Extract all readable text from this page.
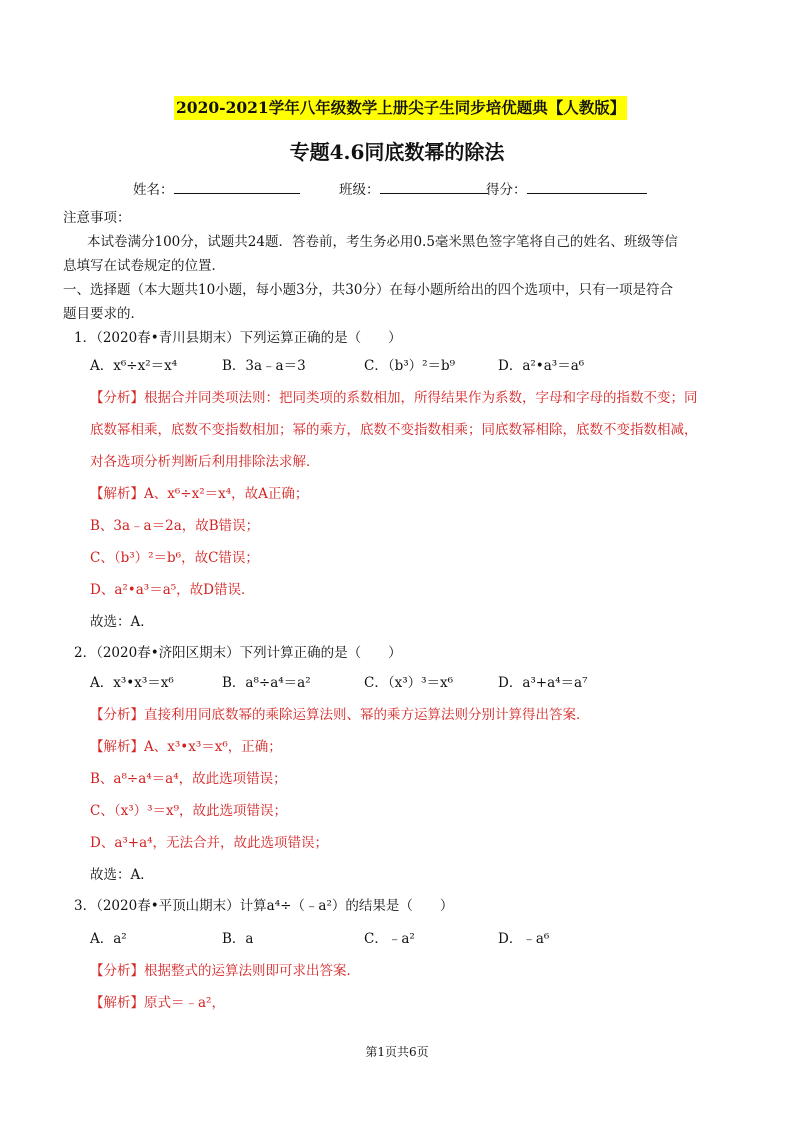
2020-2021学年八年级数学上册尖子生同步培优题典【人教版】
专题4.6同底数幂的除法
姓名：	班级：	得分：
注意事项：
本试卷满分100分，试题共24题．答卷前，考生务必用0.5毫米黑色签字笔将自己的姓名、班级等信
息填写在试卷规定的位置．
一、选择题（本大题共10小题，每小题3分，共30分）在每小题所给出的四个选项中，只有一项是符合
题目要求的．
1．（2020春•青川县期末）下列运算正确的是（　　）
A．x⁶÷x²＝x⁴	B．3a﹣a＝3	C．（b³）²＝b⁹	D．a²•a³＝a⁶
【分析】根据合并同类项法则：把同类项的系数相加，所得结果作为系数，字母和字母的指数不变；同
底数幂相乘，底数不变指数相加；幂的乘方，底数不变指数相乘；同底数幂相除，底数不变指数相减，
对各选项分析判断后利用排除法求解．
【解析】A、x⁶÷x²＝x⁴，故A正确；
B、3a﹣a＝2a，故B错误；
C、（b³）²＝b⁶，故C错误；
D、a²•a³＝a⁵，故D错误．
故选：A．
2．（2020春•济阳区期末）下列计算正确的是（　　）
A．x³•x³＝x⁶	B．a⁸÷a⁴＝a²	C．（x³）³＝x⁶	D．a³+a⁴＝a⁷
【分析】直接利用同底数幂的乘除运算法则、幂的乘方运算法则分别计算得出答案．
【解析】A、x³•x³＝x⁶，正确；
B、a⁸÷a⁴＝a⁴，故此选项错误；
C、（x³）³＝x⁹，故此选项错误；
D、a³+a⁴，无法合并，故此选项错误；
故选：A．
3．（2020春•平顶山期末）计算a⁴÷（﹣a²）的结果是（　　）
A．a²	B．a	C．﹣a²	D．﹣a⁶
【分析】根据整式的运算法则即可求出答案．
【解析】原式＝﹣a²，
第1页共6页
